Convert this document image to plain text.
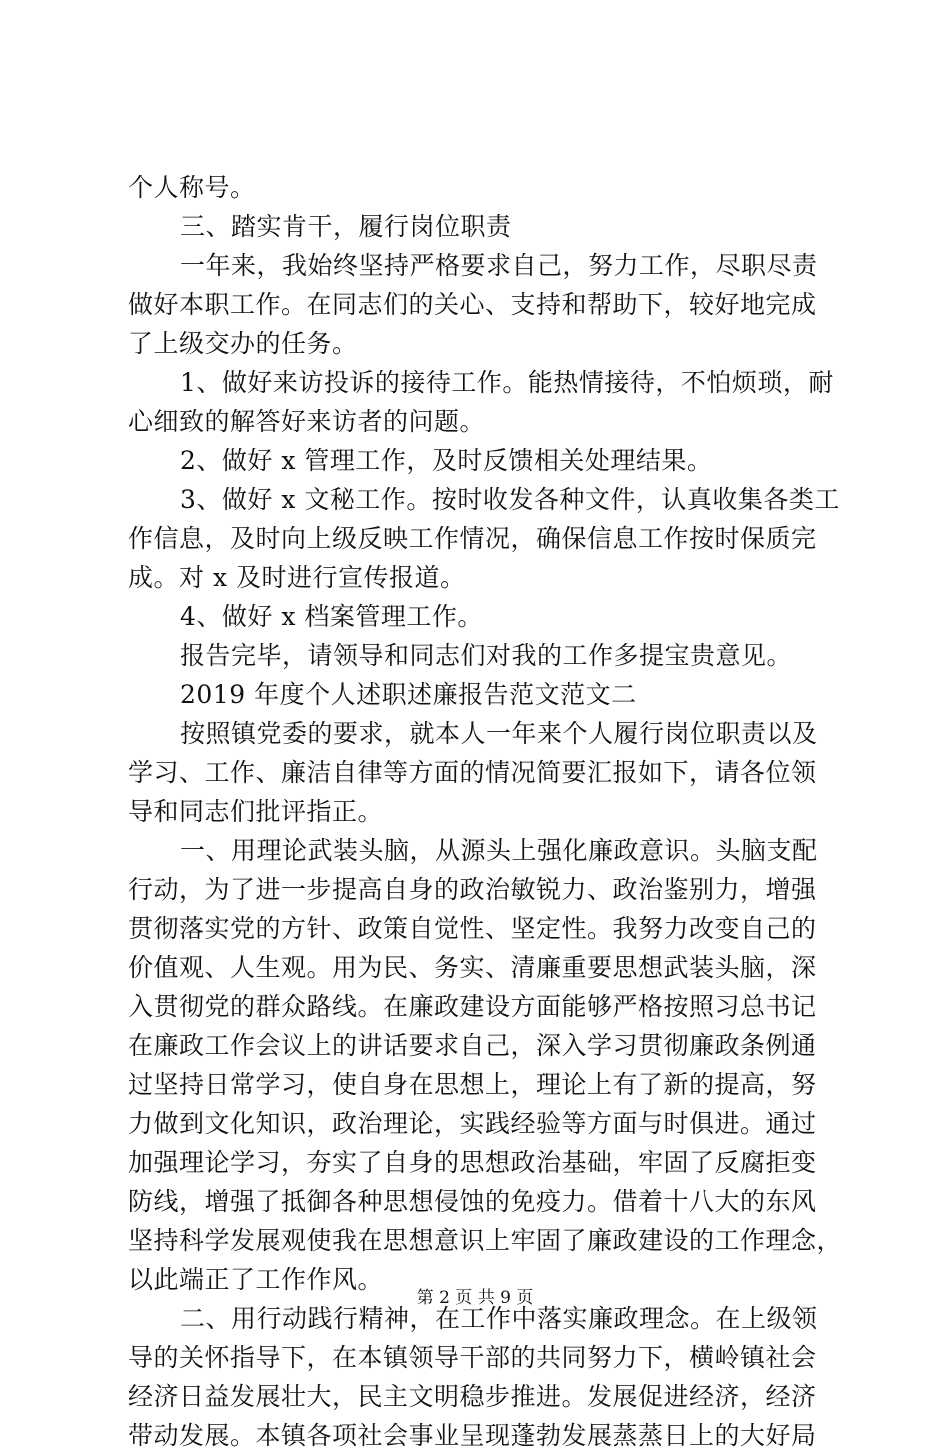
个人称号。
三、踏实肯干，履行岗位职责
一年来，我始终坚持严格要求自己，努力工作，尽职尽责
做好本职工作。在同志们的关心、支持和帮助下，较好地完成
了上级交办的任务。
1、做好来访投诉的接待工作。能热情接待，不怕烦琐，耐
心细致的解答好来访者的问题。
2、做好 x 管理工作，及时反馈相关处理结果。
3、做好 x 文秘工作。按时收发各种文件，认真收集各类工
作信息，及时向上级反映工作情况，确保信息工作按时保质完
成。对 x 及时进行宣传报道。
4、做好 x 档案管理工作。
报告完毕，请领导和同志们对我的工作多提宝贵意见。
2019 年度个人述职述廉报告范文范文二
按照镇党委的要求，就本人一年来个人履行岗位职责以及
学习、工作、廉洁自律等方面的情况简要汇报如下，请各位领
导和同志们批评指正。
一、用理论武装头脑，从源头上强化廉政意识。头脑支配
行动，为了进一步提高自身的政治敏锐力、政治鉴别力，增强
贯彻落实党的方针、政策自觉性、坚定性。我努力改变自己的
价值观、人生观。用为民、务实、清廉重要思想武装头脑，深
入贯彻党的群众路线。在廉政建设方面能够严格按照习总书记
在廉政工作会议上的讲话要求自己，深入学习贯彻廉政条例通
过坚持日常学习，使自身在思想上，理论上有了新的提高，努
力做到文化知识，政治理论，实践经验等方面与时俱进。通过
加强理论学习，夯实了自身的思想政治基础，牢固了反腐拒变
防线，增强了抵御各种思想侵蚀的免疫力。借着十八大的东风
坚持科学发展观使我在思想意识上牢固了廉政建设的工作理念，
以此端正了工作作风。
二、用行动践行精神，在工作中落实廉政理念。在上级领
导的关怀指导下，在本镇领导干部的共同努力下，横岭镇社会
经济日益发展壮大，民主文明稳步推进。发展促进经济，经济
带动发展。本镇各项社会事业呈现蓬勃发展蒸蒸日上的大好局
第 2 页 共 9 页
